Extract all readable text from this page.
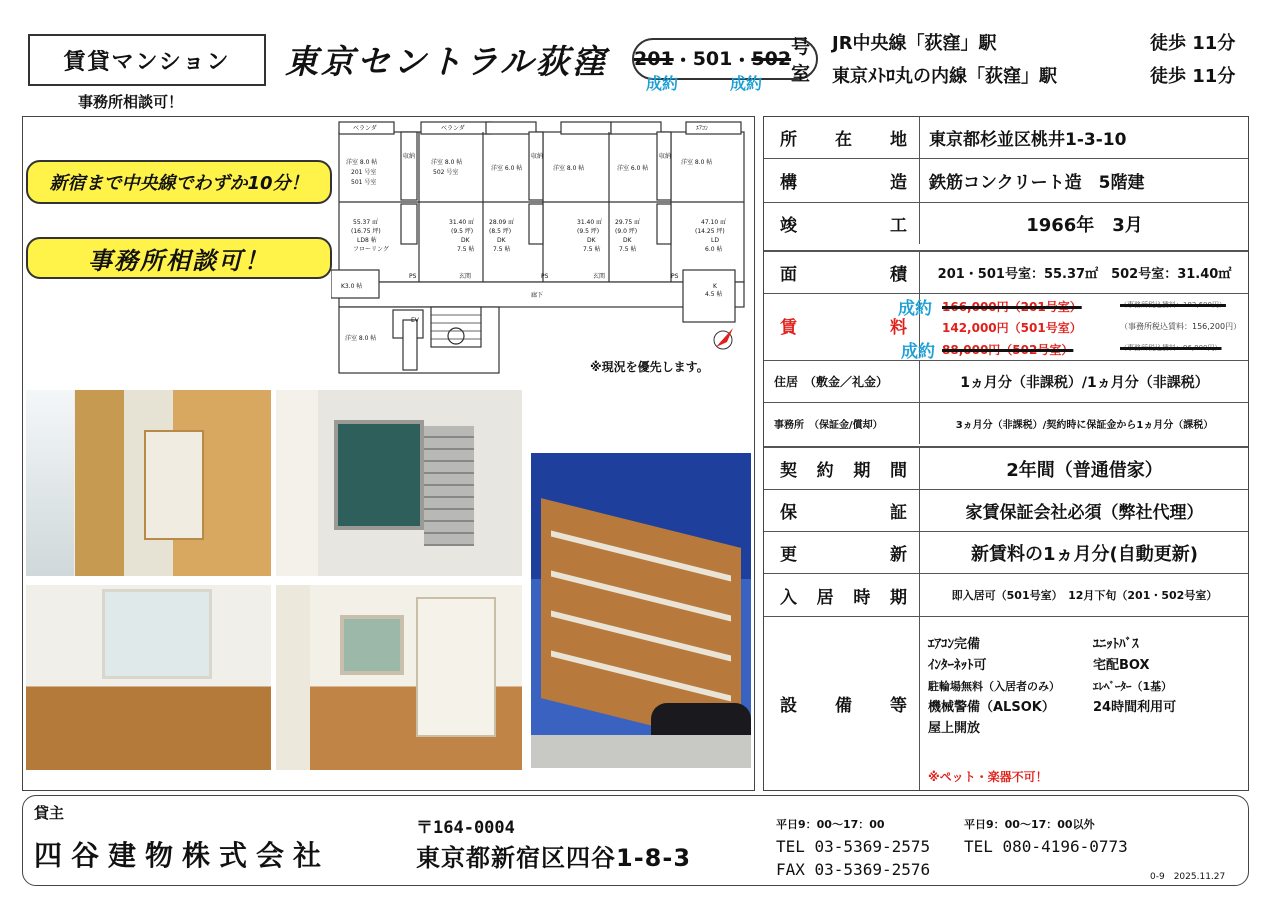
賃貸マンション
事務所相談可！
東京セントラル荻窪 201 ・ 501 ・ 502
号室
成約	成約
JR中央線「荻窪」駅	徒歩 11分
東京ﾒﾄﾛ丸の内線「荻窪」駅	徒歩 11分
新宿まで中央線でわずか10分！
事務所相談可！
ベランダ	ベランダ	ｴｱｺﾝ
洋室 8.0 帖
201 号室
501 号室
洋室 8.0 帖
502 号室
洋室 6.0 帖	洋室 8.0 帖	洋室 6.0 帖
洋室 8.0 帖
収納	収納	収納
55.37 ㎡
(16.75 坪)
LD8 帖
フローリング
31.40 ㎡
(9.5 坪)
DK
7.5 帖
28.09 ㎡
(8.5 坪)
DK
7.5 帖
31.40 ㎡
(9.5 坪)
DK
7.5 帖
29.75 ㎡
(9.0 坪)
DK
7.5 帖
47.10 ㎡
(14.25 坪)
LD
6.0 帖
PS	PS	PS
玄関	玄関
廊下
K3.0 帖	K
4.5 帖
EV
洋室 8.0 帖
※現況を優先します。
所 在 地	東京都杉並区桃井1-3-10
構	造	鉄筋コンクリート造　5階建
竣	工	1966年　3月
面	積	201・501号室：55.37㎡　502号室：31.40㎡
賃	料
成約 166,000円（201号室）	（事務所税込賃料：182,600円）
142,000円（501号室）	（事務所税込賃料：156,200円）
成約 88,000円（502号室）	（事務所税込賃料：96,800円）
住居　（敷金／礼金）	1ヵ月分（非課税）/1ヵ月分（非課税）
事務所　（保証金/償却）	3ヵ月分（非課税）/契約時に保証金から1ヵ月分（課税）
契 約 期 間	2年間（普通借家）
保	証	家賃保証会社必須（弊社代理）
更	新	新賃料の1ヵ月分(自動更新)
入 居 時 期	即入居可（501号室）　12月下旬（201・502号室）
設 備 等
ｴｱｺﾝ完備
ｲﾝﾀｰﾈｯﾄ可
駐輪場無料（入居者のみ）
機械警備（ALSOK）
屋上開放
ﾕﾆｯﾄﾊﾞｽ
宅配BOX
ｴﾚﾍﾞｰﾀｰ（1基）
24時間利用可
※ペット・楽器不可！
貸主
四谷建物株式会社
〒164-0004
東京都新宿区四谷1-8-3
平日9：00〜17：00	平日9：00〜17：00以外
TEL 03-5369-2575
FAX 03-5369-2576
TEL 080-4196-0773
0-9　2025.11.27
